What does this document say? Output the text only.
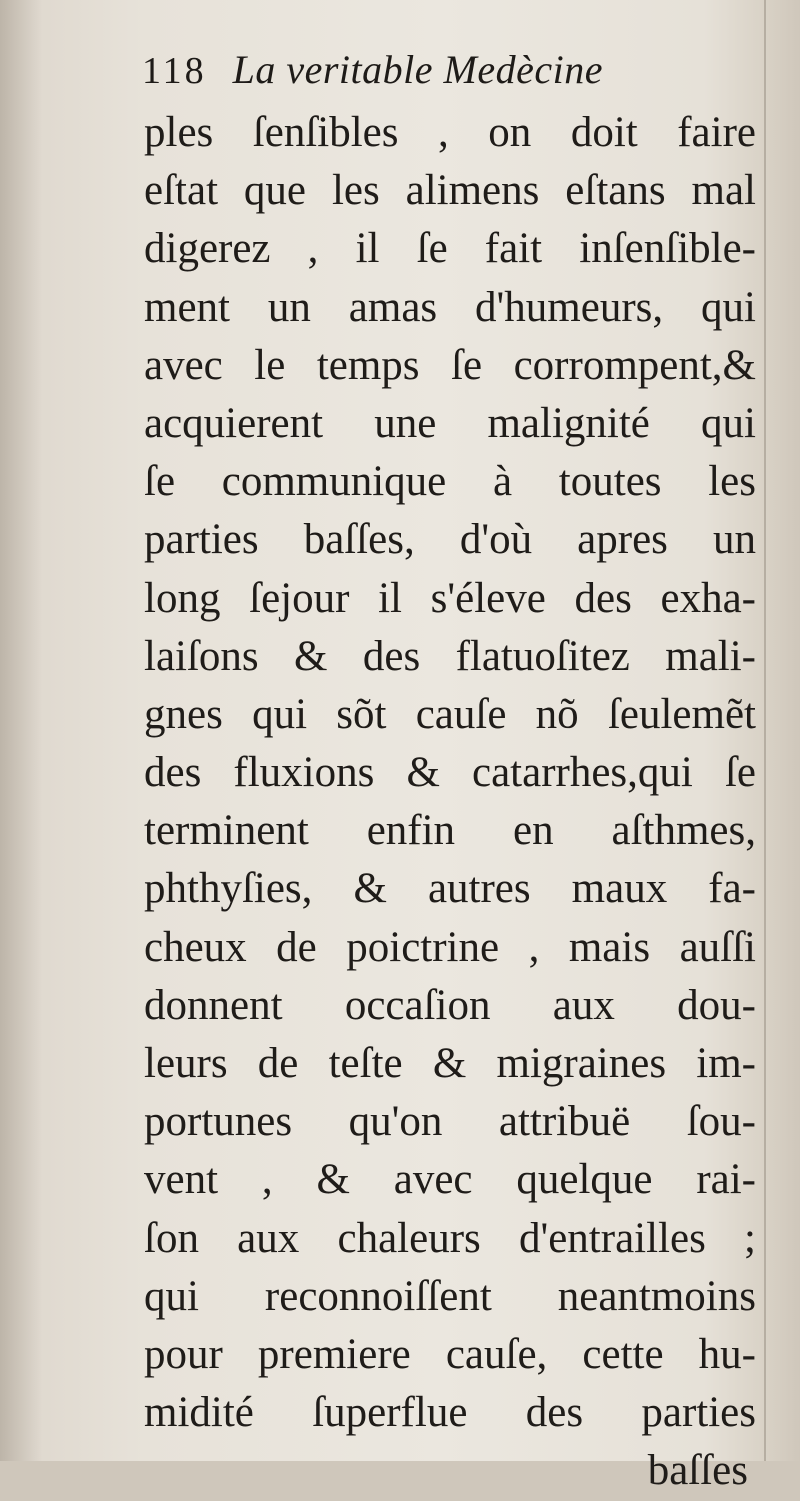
118 La veritable Medècine
ples ſenſibles , on doit faire
eſtat que les alimens eſtans mal
digerez , il ſe fait inſenſible-
ment un amas d'humeurs, qui
avec le temps ſe corrompent,&
acquierent une malignité qui
ſe communique à toutes les
parties baſſes, d'où apres un
long ſejour il s'éleve des exha-
laiſons & des flatuoſitez mali-
gnes qui sõt cauſe nõ ſeulemẽt
des fluxions & catarrhes,qui ſe
terminent enfin en aſthmes,
phthyſies, & autres maux fa-
cheux de poictrine , mais auſſi
donnent occaſion aux dou-
leurs de teſte & migraines im-
portunes qu'on attribuë ſou-
vent , & avec quelque rai-
ſon aux chaleurs d'entrailles ;
qui reconnoiſſent neantmoins
pour premiere cauſe, cette hu-
midité ſuperflue des parties
baſſes
